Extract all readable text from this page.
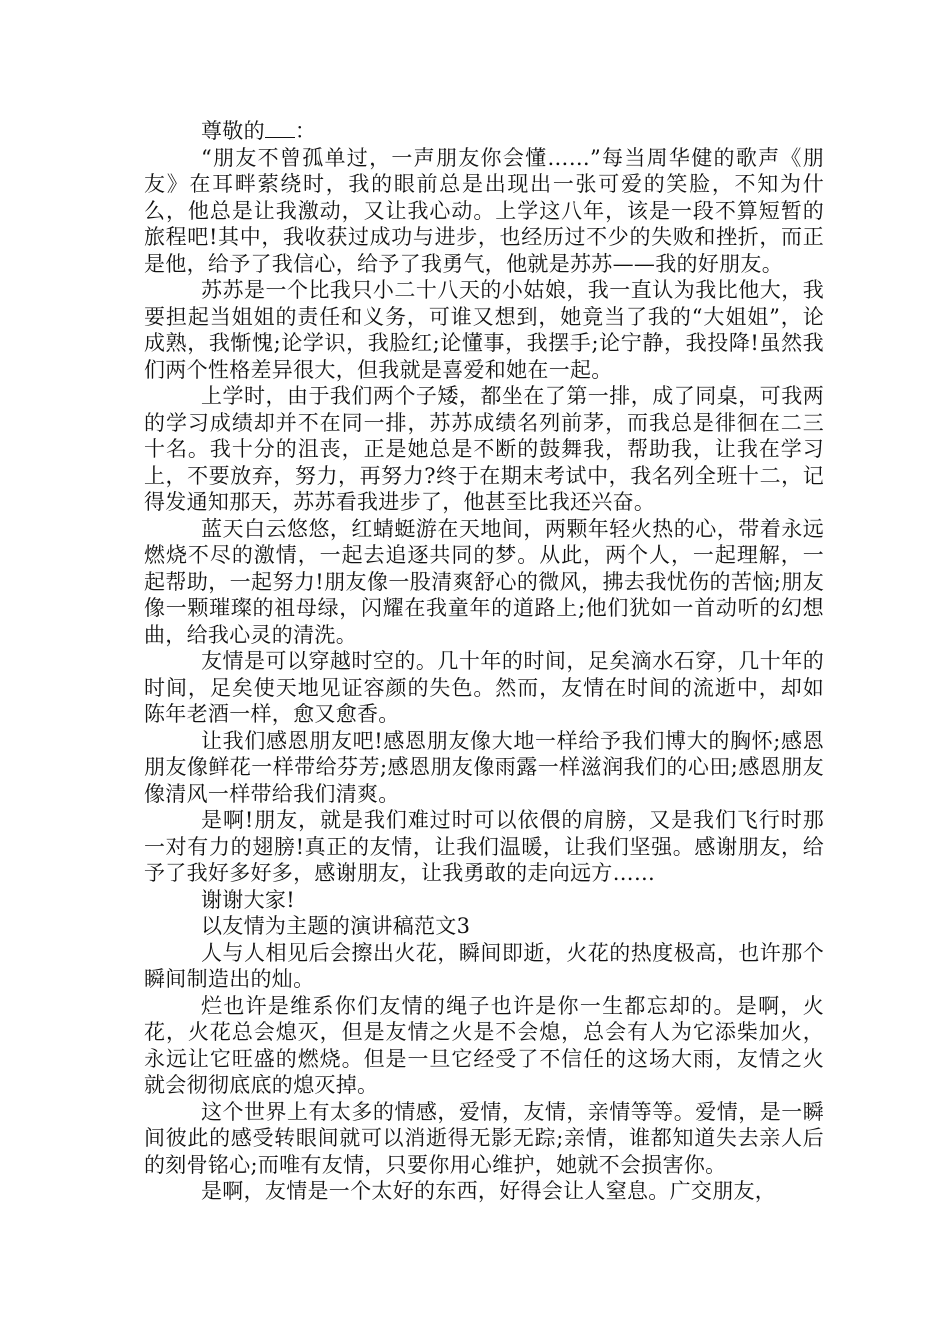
尊敬的 ：

“朋友不曾孤单过，一声朋友你会懂……”每当周华健的歌声《朋友》在耳畔萦绕时，我的眼前总是出现出一张可爱的笑脸，不知为什么，他总是让我激动，又让我心动。上学这八年，该是一段不算短暂的旅程吧!其中，我收获过成功与进步，也经历过不少的失败和挫折，而正是他，给予了我信心，给予了我勇气，他就是苏苏——我的好朋友。

苏苏是一个比我只小二十八天的小姑娘，我一直认为我比他大，我要担起当姐姐的责任和义务，可谁又想到，她竟当了我的“大姐姐”，论成熟，我惭愧;论学识，我脸红;论懂事，我摆手;论宁静，我投降!虽然我们两个性格差异很大，但我就是喜爱和她在一起。

上学时，由于我们两个子矮，都坐在了第一排，成了同桌，可我两的学习成绩却并不在同一排，苏苏成绩名列前茅，而我总是徘徊在二三十名。我十分的沮丧，正是她总是不断的鼓舞我，帮助我，让我在学习上，不要放弃，努力，再努力?终于在期末考试中，我名列全班十二，记得发通知那天，苏苏看我进步了，他甚至比我还兴奋。

蓝天白云悠悠，红蜻蜓游在天地间，两颗年轻火热的心，带着永远燃烧不尽的激情，一起去追逐共同的梦。从此，两个人，一起理解，一起帮助，一起努力!朋友像一股清爽舒心的微风，拂去我忧伤的苦恼;朋友像一颗璀璨的祖母绿，闪耀在我童年的道路上;他们犹如一首动听的幻想曲，给我心灵的清洗。

友情是可以穿越时空的。几十年的时间，足矣滴水石穿，几十年的时间，足矣使天地见证容颜的失色。然而，友情在时间的流逝中，却如陈年老酒一样，愈又愈香。

让我们感恩朋友吧!感恩朋友像大地一样给予我们博大的胸怀;感恩朋友像鲜花一样带给芬芳;感恩朋友像雨露一样滋润我们的心田;感恩朋友像清风一样带给我们清爽。

是啊!朋友，就是我们难过时可以依偎的肩膀，又是我们飞行时那一对有力的翅膀!真正的友情，让我们温暖，让我们坚强。感谢朋友，给予了我好多好多，感谢朋友，让我勇敢的走向远方……

谢谢大家!

以友情为主题的演讲稿范文3

人与人相见后会擦出火花，瞬间即逝，火花的热度极高，也许那个瞬间制造出的灿。

烂也许是维系你们友情的绳子也许是你一生都忘却的。是啊，火花，火花总会熄灭，但是友情之火是不会熄，总会有人为它添柴加火，永远让它旺盛的燃烧。但是一旦它经受了不信任的这场大雨，友情之火就会彻彻底底的熄灭掉。

这个世界上有太多的情感，爱情，友情，亲情等等。爱情，是一瞬间彼此的感受转眼间就可以消逝得无影无踪;亲情，谁都知道失去亲人后的刻骨铭心;而唯有友情，只要你用心维护，她就不会损害你。

是啊，友情是一个太好的东西，好得会让人窒息。广交朋友，
